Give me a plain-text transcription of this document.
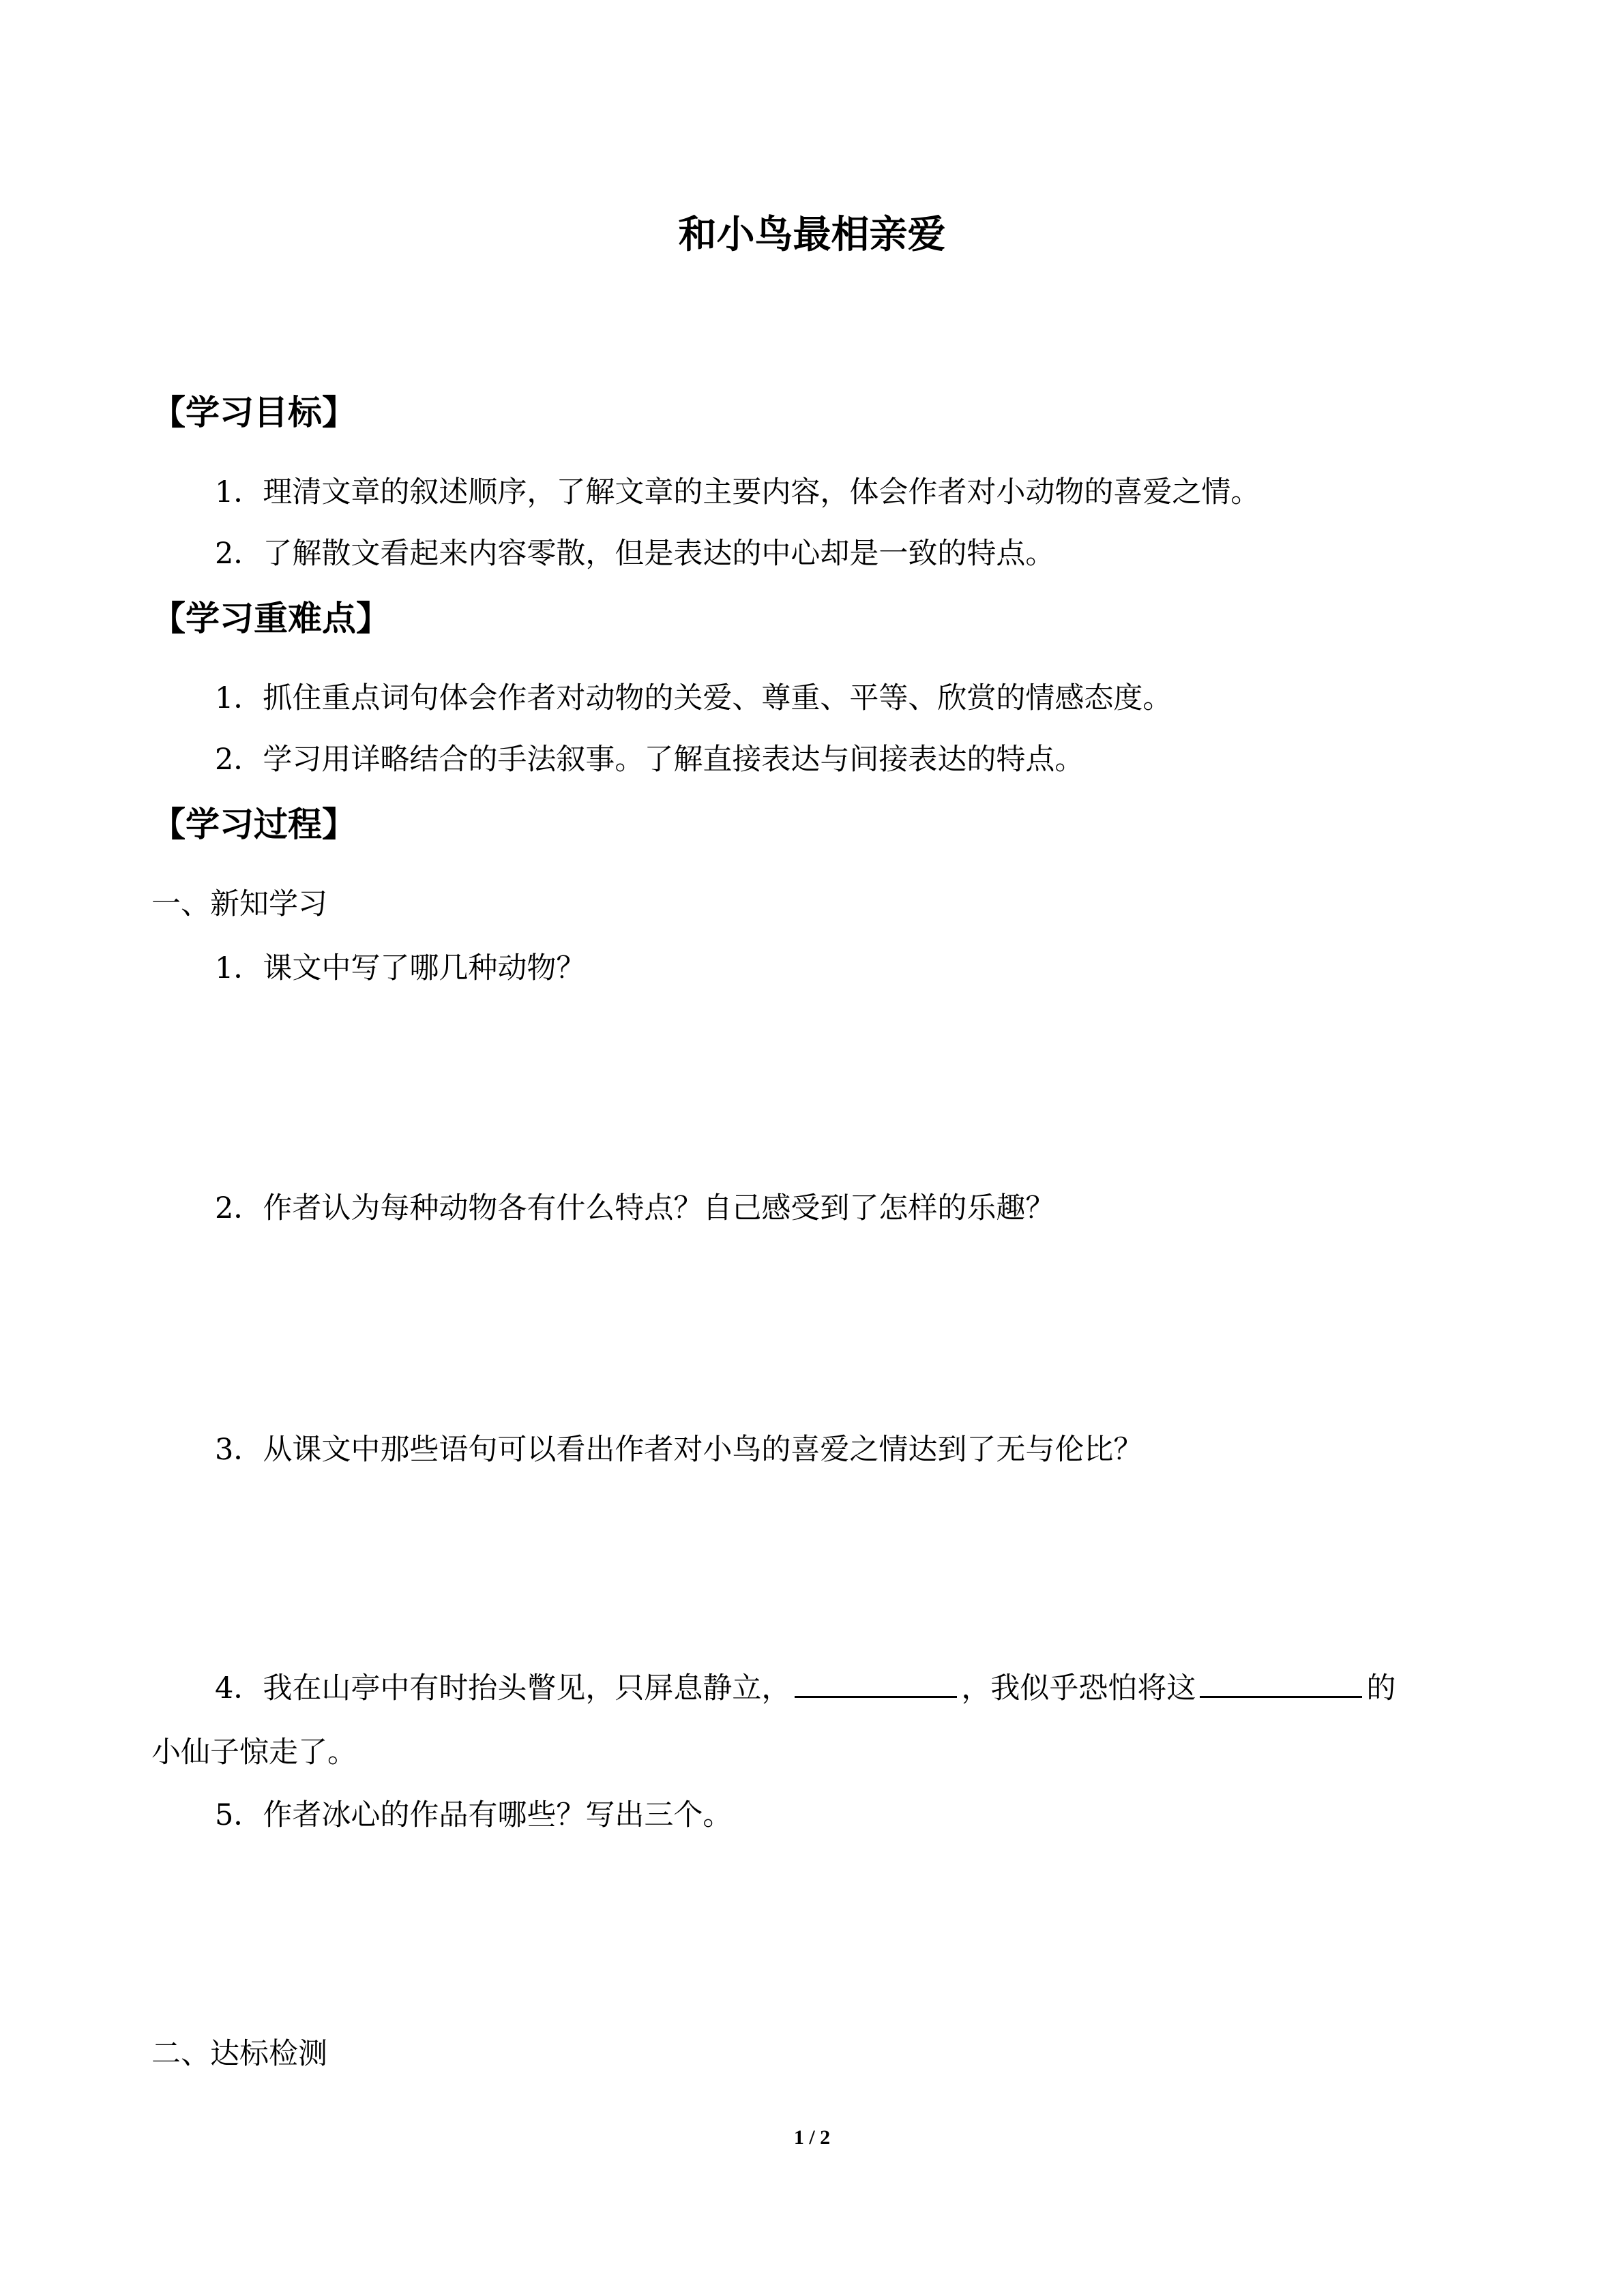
和小鸟最相亲爱
【学习目标】
1．理清文章的叙述顺序，了解文章的主要内容，体会作者对小动物的喜爱之情。
2．了解散文看起来内容零散，但是表达的中心却是一致的特点。
【学习重难点】
1．抓住重点词句体会作者对动物的关爱、尊重、平等、欣赏的情感态度。
2．学习用详略结合的手法叙事。了解直接表达与间接表达的特点。
【学习过程】
一、新知学习
1．课文中写了哪几种动物？
2．作者认为每种动物各有什么特点？自己感受到了怎样的乐趣？
3．从课文中那些语句可以看出作者对小鸟的喜爱之情达到了无与伦比？
4．我在山亭中有时抬头瞥见，只屏息静立，	，我似乎恐怕将这	的
小仙子惊走了。
5．作者冰心的作品有哪些？写出三个。
二、达标检测
1 / 2
